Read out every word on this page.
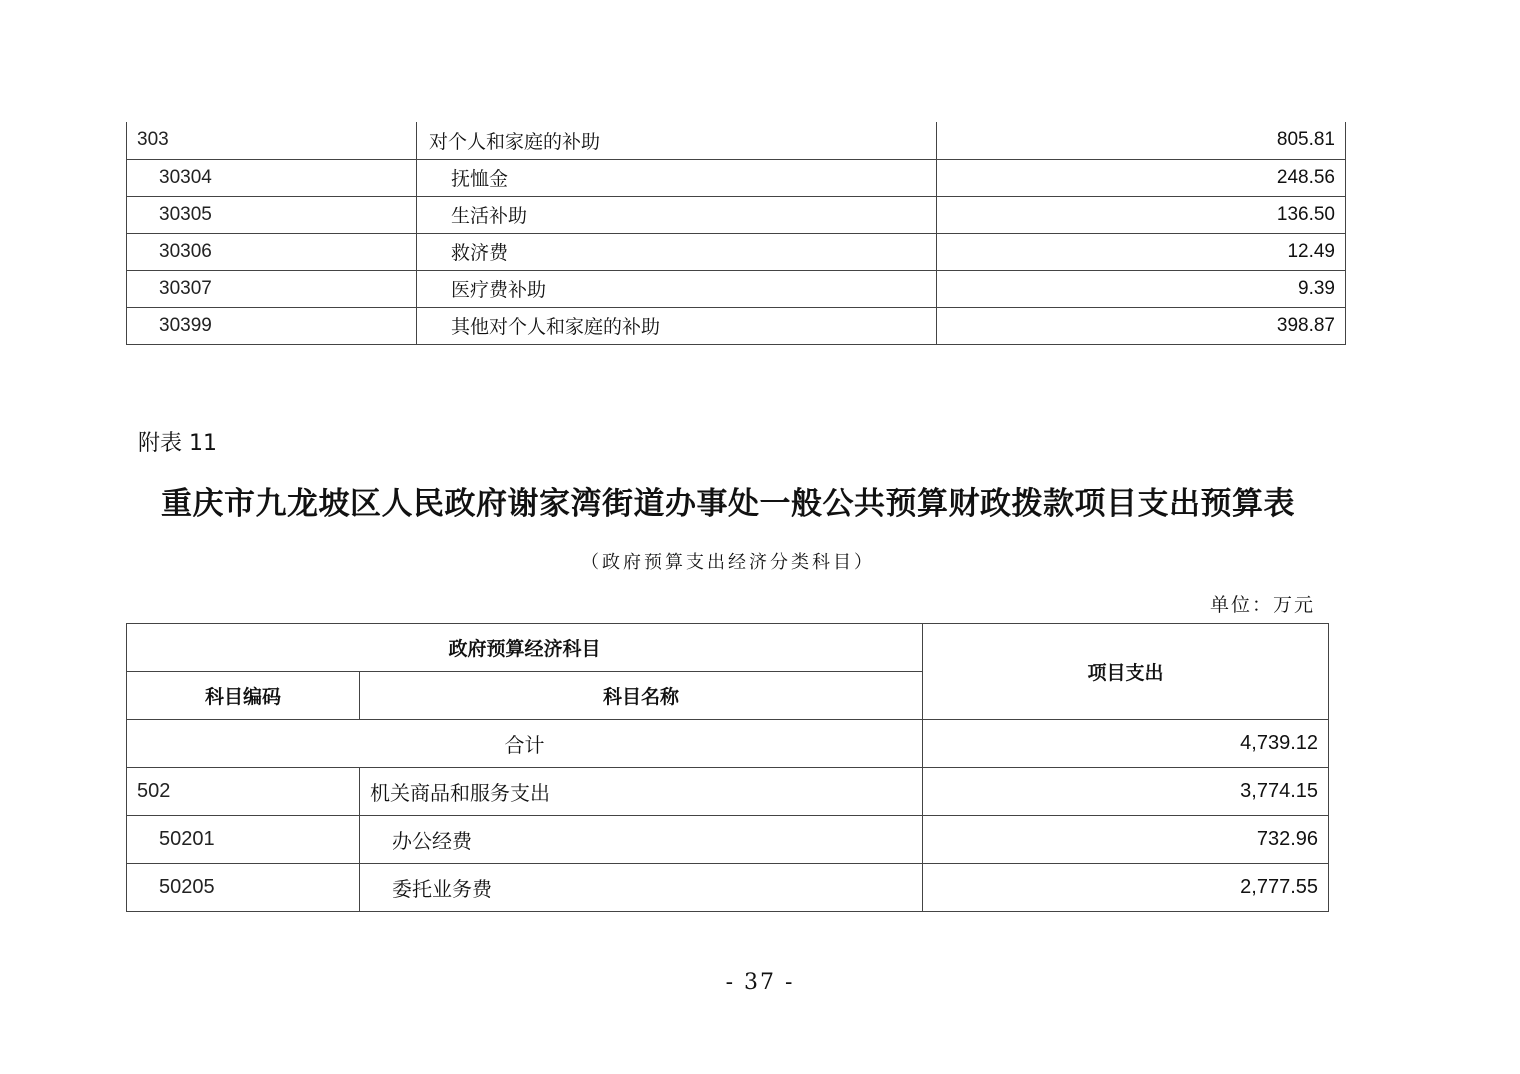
303	对个人和家庭的补助	805.81
30304	抚恤金	248.56
30305	生活补助	136.50
30306	救济费	12.49
30307	医疗费补助	9.39
30399	其他对个人和家庭的补助	398.87
附表 11
重庆市九龙坡区人民政府谢家湾街道办事处一般公共预算财政拨款项目支出预算表
（政府预算支出经济分类科目）
单位：万元
政府预算经济科目		项目支出
科目编码	科目名称	
合计		4,739.12
502	机关商品和服务支出	3,774.15
50201	办公经费	732.96
50205	委托业务费	2,777.55
- 37 -
